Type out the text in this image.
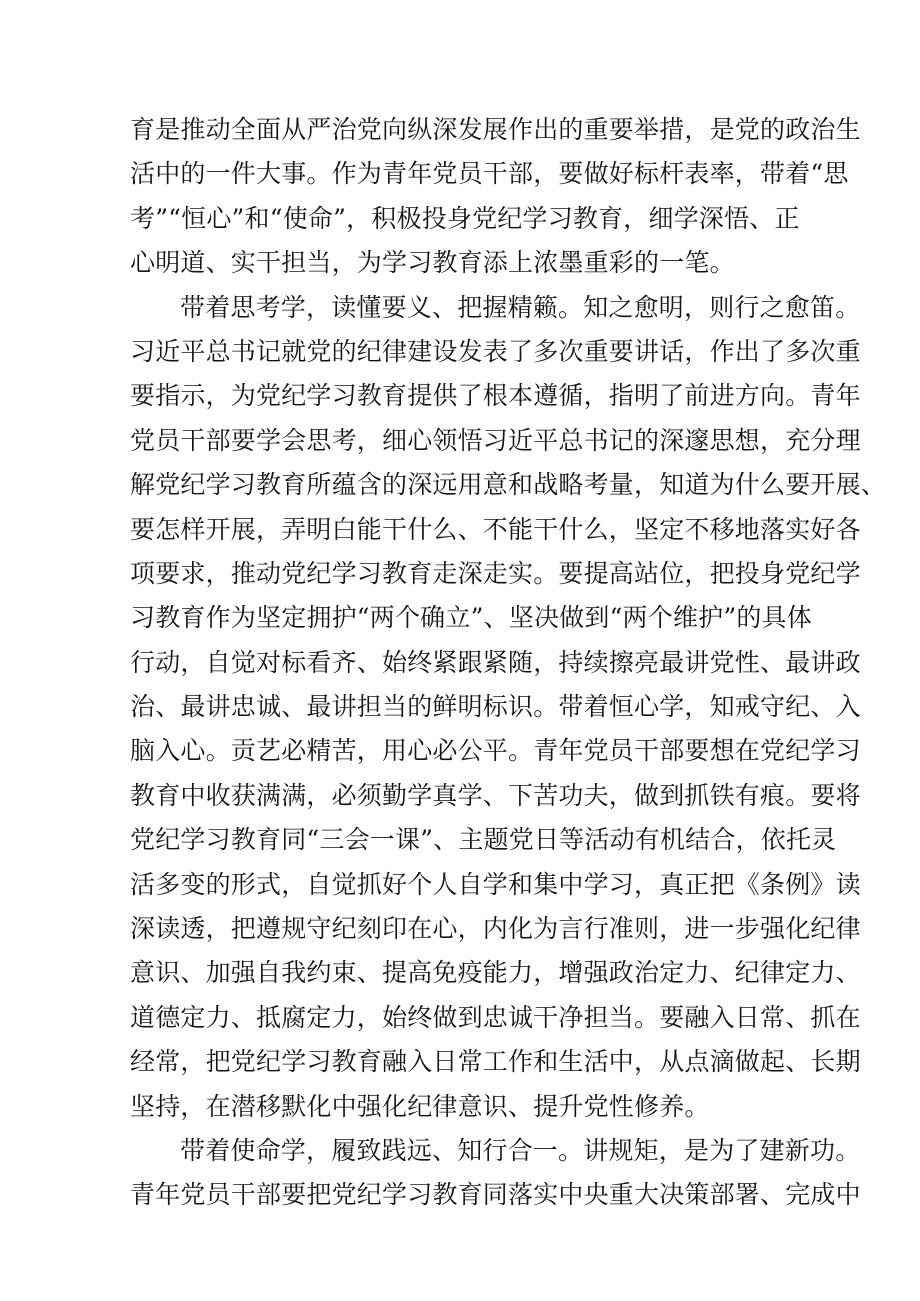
育是推动全面从严治党向纵深发展作出的重要举措，是党的政治生
活中的一件大事。作为青年党员干部，要做好标杆表率，带着“思
考”“恒心”和“使命”，积极投身党纪学习教育，细学深悟、正
心明道、实干担当，为学习教育添上浓墨重彩的一笔。
带着思考学，读懂要义、把握精籁。知之愈明，则行之愈笛。
习近平总书记就党的纪律建设发表了多次重要讲话，作出了多次重
要指示，为党纪学习教育提供了根本遵循，指明了前进方向。青年
党员干部要学会思考，细心领悟习近平总书记的深邃思想，充分理
解党纪学习教育所蕴含的深远用意和战略考量，知道为什么要开展、
要怎样开展，弄明白能干什么、不能干什么，坚定不移地落实好各
项要求，推动党纪学习教育走深走实。要提高站位，把投身党纪学
习教育作为坚定拥护“两个确立”、坚决做到“两个维护”的具体
行动，自觉对标看齐、始终紧跟紧随，持续擦亮最讲党性、最讲政
治、最讲忠诚、最讲担当的鲜明标识。带着恒心学，知戒守纪、入
脑入心。贡艺必精苦，用心必公平。青年党员干部要想在党纪学习
教育中收获满满，必须勤学真学、下苦功夫，做到抓铁有痕。要将
党纪学习教育同“三会一课”、主题党日等活动有机结合，依托灵
活多变的形式，自觉抓好个人自学和集中学习，真正把《条例》读
深读透，把遵规守纪刻印在心，内化为言行准则，进一步强化纪律
意识、加强自我约束、提高免疫能力，增强政治定力、纪律定力、
道德定力、抵腐定力，始终做到忠诚干净担当。要融入日常、抓在
经常，把党纪学习教育融入日常工作和生活中，从点滴做起、长期
坚持，在潜移默化中强化纪律意识、提升党性修养。
带着使命学，履致践远、知行合一。讲规矩，是为了建新功。
青年党员干部要把党纪学习教育同落实中央重大决策部署、完成中
